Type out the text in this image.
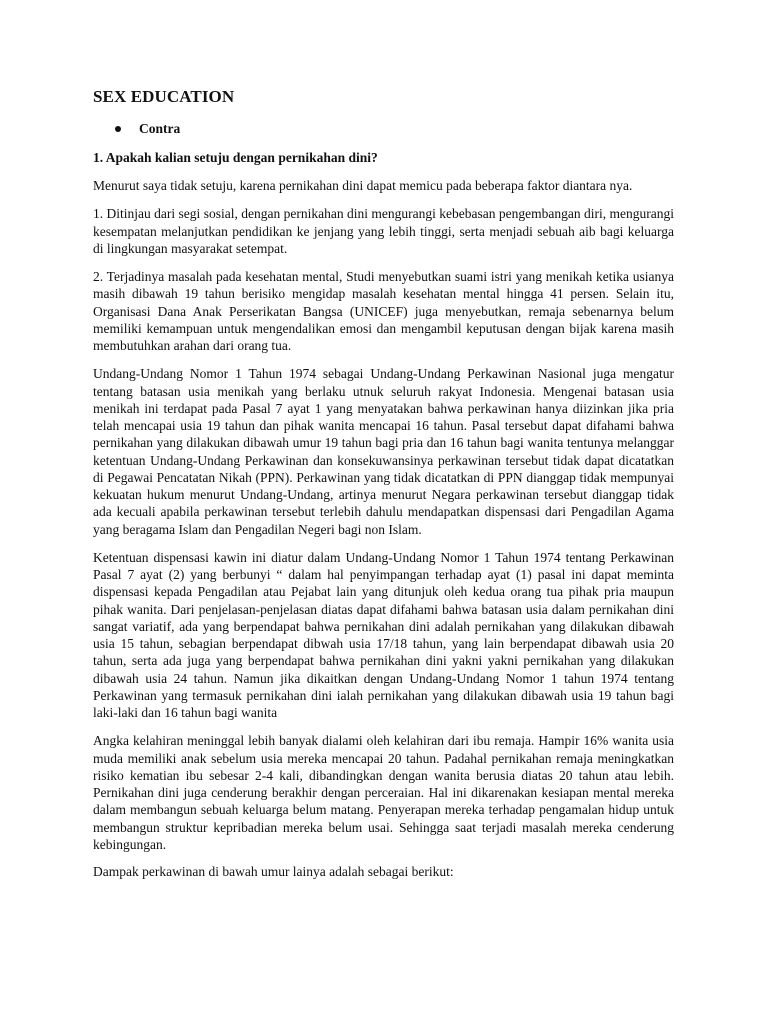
SEX EDUCATION
Contra

1. Apakah kalian setuju dengan pernikahan dini?

Menurut saya tidak setuju, karena pernikahan dini dapat memicu pada beberapa faktor diantara nya.

1. Ditinjau dari segi sosial, dengan pernikahan dini mengurangi kebebasan pengembangan diri, mengurangi kesempatan melanjutkan pendidikan ke jenjang yang lebih tinggi, serta menjadi sebuah aib bagi keluarga di lingkungan masyarakat setempat.

2. Terjadinya masalah pada kesehatan mental, Studi menyebutkan suami istri yang menikah ketika usianya masih dibawah 19 tahun berisiko mengidap masalah kesehatan mental hingga 41 persen. Selain itu, Organisasi Dana Anak Perserikatan Bangsa (UNICEF) juga menyebutkan, remaja sebenarnya belum memiliki kemampuan untuk mengendalikan emosi dan mengambil keputusan dengan bijak karena masih membutuhkan arahan dari orang tua.

Undang-Undang Nomor 1 Tahun 1974 sebagai Undang-Undang Perkawinan Nasional juga mengatur tentang batasan usia menikah yang berlaku utnuk seluruh rakyat Indonesia. Mengenai batasan usia menikah ini terdapat pada Pasal 7 ayat 1 yang menyatakan bahwa perkawinan hanya diizinkan jika pria telah mencapai usia 19 tahun dan pihak wanita mencapai 16 tahun. Pasal tersebut dapat difahami bahwa pernikahan yang dilakukan dibawah umur 19 tahun bagi pria dan 16 tahun bagi wanita tentunya melanggar ketentuan Undang-Undang Perkawinan dan konsekuwansinya perkawinan tersebut tidak dapat dicatatkan di Pegawai Pencatatan Nikah (PPN). Perkawinan yang tidak dicatatkan di PPN dianggap tidak mempunyai kekuatan hukum menurut Undang-Undang, artinya menurut Negara perkawinan tersebut dianggap tidak ada kecuali apabila perkawinan tersebut terlebih dahulu mendapatkan dispensasi dari Pengadilan Agama yang beragama Islam dan Pengadilan Negeri bagi non Islam.

Ketentuan dispensasi kawin ini diatur dalam Undang-Undang Nomor 1 Tahun 1974 tentang Perkawinan Pasal 7 ayat (2) yang berbunyi “ dalam hal penyimpangan terhadap ayat (1) pasal ini dapat meminta dispensasi kepada Pengadilan atau Pejabat lain yang ditunjuk oleh kedua orang tua pihak pria maupun pihak wanita. Dari penjelasan-penjelasan diatas dapat difahami bahwa batasan usia dalam pernikahan dini sangat variatif, ada yang berpendapat bahwa pernikahan dini adalah pernikahan yang dilakukan dibawah usia 15 tahun, sebagian berpendapat dibwah usia 17/18 tahun, yang lain berpendapat dibawah usia 20 tahun, serta ada juga yang berpendapat bahwa pernikahan dini yakni yakni pernikahan yang dilakukan dibawah usia 24 tahun. Namun jika dikaitkan dengan Undang-Undang Nomor 1 tahun 1974 tentang Perkawinan yang termasuk pernikahan dini ialah pernikahan yang dilakukan dibawah usia 19 tahun bagi laki-laki dan 16 tahun bagi wanita

Angka kelahiran meninggal lebih banyak dialami oleh kelahiran dari ibu remaja. Hampir 16% wanita usia muda memiliki anak sebelum usia mereka mencapai 20 tahun. Padahal pernikahan remaja meningkatkan risiko kematian ibu sebesar 2-4 kali, dibandingkan dengan wanita berusia diatas 20 tahun atau lebih. Pernikahan dini juga cenderung berakhir dengan perceraian. Hal ini dikarenakan kesiapan mental mereka dalam membangun sebuah keluarga belum matang. Penyerapan mereka terhadap pengamalan hidup untuk membangun struktur kepribadian mereka belum usai. Sehingga saat terjadi masalah mereka cenderung kebingungan.

Dampak perkawinan di bawah umur lainya adalah sebagai berikut:
